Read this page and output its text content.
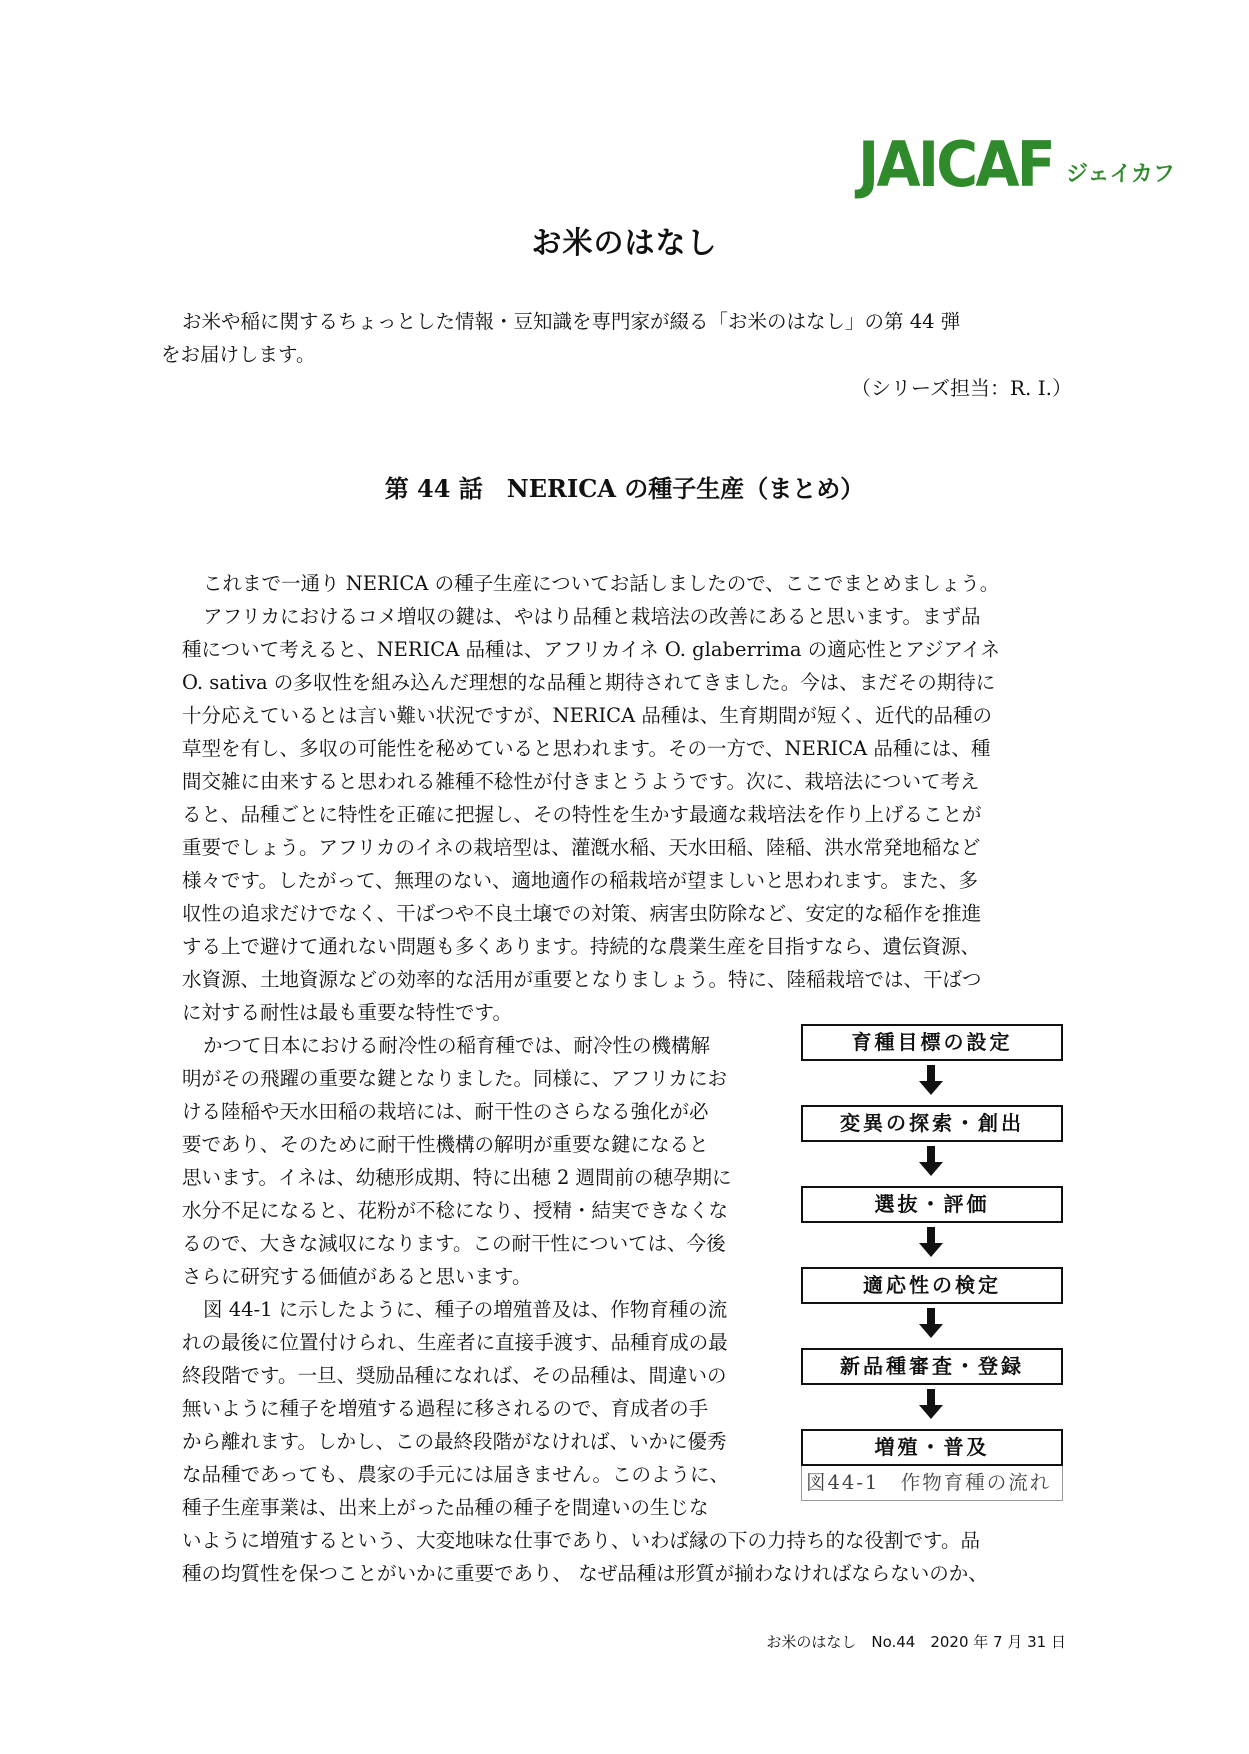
JAICAF ジェイカフ
お米のはなし
お米や稲に関するちょっとした情報・豆知識を専門家が綴る「お米のはなし」の第 44 弾
をお届けします。
（シリーズ担当：R. I.）
第 44 話　NERICA の種子生産（まとめ）
これまで一通り NERICA の種子生産についてお話しましたので、ここでまとめましょう。
アフリカにおけるコメ増収の鍵は、やはり品種と栽培法の改善にあると思います。まず品
種について考えると、NERICA 品種は、アフリカイネ O. glaberrima の適応性とアジアイネ
O. sativa の多収性を組み込んだ理想的な品種と期待されてきました。今は、まだその期待に
十分応えているとは言い難い状況ですが、NERICA 品種は、生育期間が短く、近代的品種の
草型を有し、多収の可能性を秘めていると思われます。その一方で、NERICA 品種には、種
間交雑に由来すると思われる雑種不稔性が付きまとうようです。次に、栽培法について考え
ると、品種ごとに特性を正確に把握し、その特性を生かす最適な栽培法を作り上げることが
重要でしょう。アフリカのイネの栽培型は、灌漑水稲、天水田稲、陸稲、洪水常発地稲など
様々です。したがって、無理のない、適地適作の稲栽培が望ましいと思われます。また、多
収性の追求だけでなく、干ばつや不良土壌での対策、病害虫防除など、安定的な稲作を推進
する上で避けて通れない問題も多くあります。持続的な農業生産を目指すなら、遺伝資源、
水資源、土地資源などの効率的な活用が重要となりましょう。特に、陸稲栽培では、干ばつ
に対する耐性は最も重要な特性です。
かつて日本における耐冷性の稲育種では、耐冷性の機構解
明がその飛躍の重要な鍵となりました。同様に、アフリカにお
ける陸稲や天水田稲の栽培には、耐干性のさらなる強化が必
要であり、そのために耐干性機構の解明が重要な鍵になると
思います。イネは、幼穂形成期、特に出穂 2 週間前の穂孕期に
水分不足になると、花粉が不稔になり、授精・結実できなくな
るので、大きな減収になります。この耐干性については、今後
さらに研究する価値があると思います。
図 44-1 に示したように、種子の増殖普及は、作物育種の流
れの最後に位置付けられ、生産者に直接手渡す、品種育成の最
終段階です。一旦、奨励品種になれば、その品種は、間違いの
無いように種子を増殖する過程に移されるので、育成者の手
から離れます。しかし、この最終段階がなければ、いかに優秀
な品種であっても、農家の手元には届きません。このように、
種子生産事業は、出来上がった品種の種子を間違いの生じな
いように増殖するという、大変地味な仕事であり、いわば縁の下の力持ち的な役割です。品
種の均質性を保つことがいかに重要であり、 なぜ品種は形質が揃わなければならないのか、
育種目標の設定
変異の探索・創出
選抜・評価
適応性の検定
新品種審査・登録
増殖・普及
図44-1　作物育種の流れ
お米のはなし　No.44　2020 年 7 月 31 日
